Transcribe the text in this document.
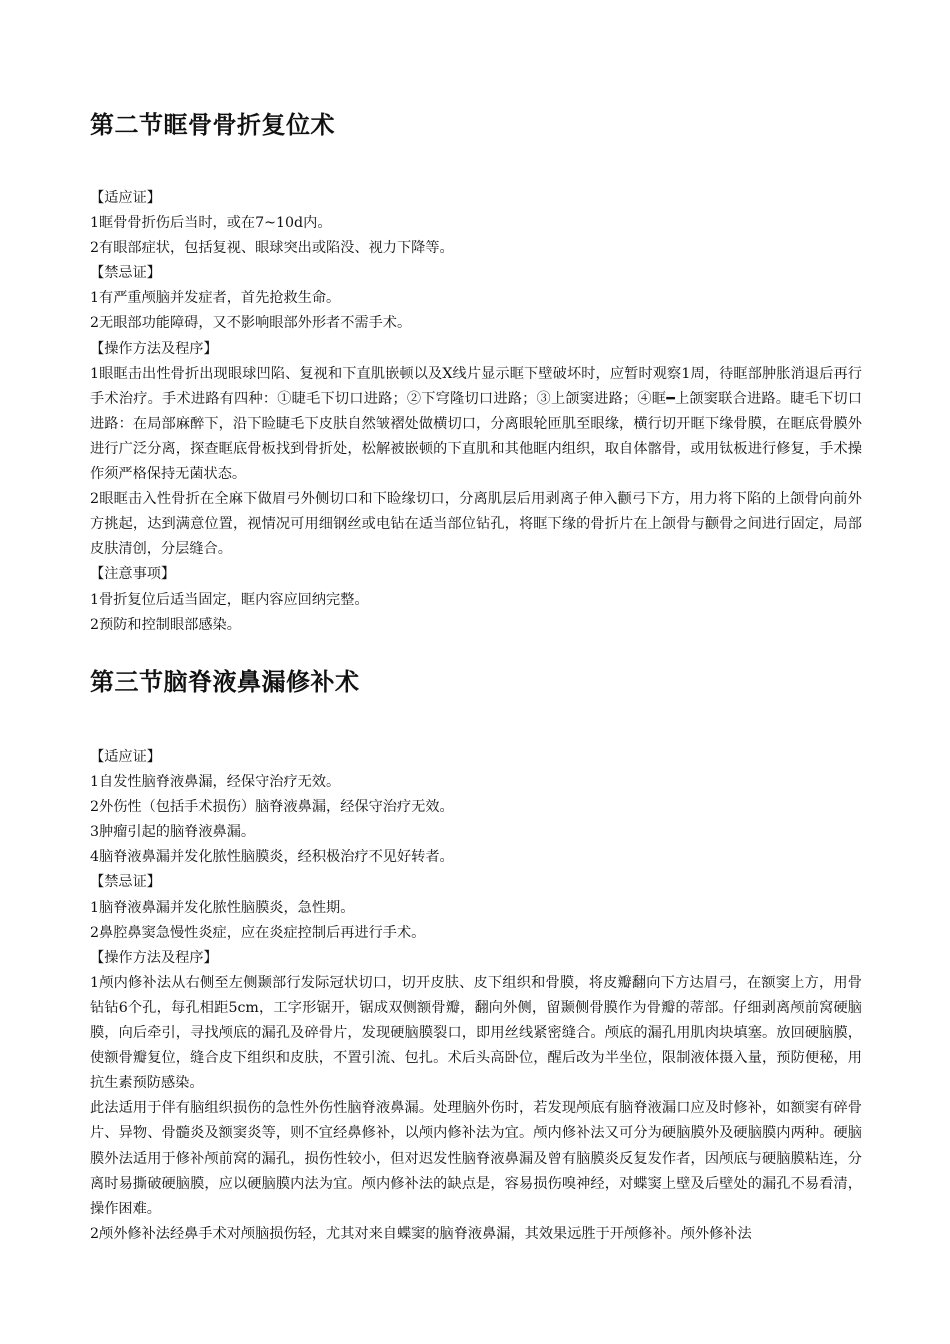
第二节眶骨骨折复位术

【适应证】

1眶骨骨折伤后当时，或在7~10d内。

2有眼部症状，包括复视、眼球突出或陷没、视力下降等。

【禁忌证】

1有严重颅脑并发症者，首先抢救生命。

2无眼部功能障碍，又不影响眼部外形者不需手术。

【操作方法及程序】

1眼眶击出性骨折出现眼球凹陷、复视和下直肌嵌顿以及X线片显示眶下壁破坏时，应暂时观察1周，待眶部肿胀消退后再行手术治疗。手术进路有四种：①睫毛下切口进路；②下穹隆切口进路；③上颌窦进路；④眶━上颌窦联合进路。睫毛下切口进路：在局部麻醉下，沿下睑睫毛下皮肤自然皱褶处做横切口，分离眼轮匝肌至眼缘，横行切开眶下缘骨膜，在眶底骨膜外进行广泛分离，探查眶底骨板找到骨折处，松解被嵌顿的下直肌和其他眶内组织，取自体髂骨，或用钛板进行修复，手术操作须严格保持无菌状态。

2眼眶击入性骨折在全麻下做眉弓外侧切口和下睑缘切口，分离肌层后用剥离子伸入颧弓下方，用力将下陷的上颌骨向前外方挑起，达到满意位置，视情况可用细钢丝或电钻在适当部位钻孔，将眶下缘的骨折片在上颌骨与颧骨之间进行固定，局部皮肤清创，分层缝合。

【注意事项】

1骨折复位后适当固定，眶内容应回纳完整。

2预防和控制眼部感染。

第三节脑脊液鼻漏修补术

【适应证】

1自发性脑脊液鼻漏，经保守治疗无效。

2外伤性（包括手术损伤）脑脊液鼻漏，经保守治疗无效。

3肿瘤引起的脑脊液鼻漏。

4脑脊液鼻漏并发化脓性脑膜炎，经积极治疗不见好转者。

【禁忌证】

1脑脊液鼻漏并发化脓性脑膜炎，急性期。

2鼻腔鼻窦急慢性炎症，应在炎症控制后再进行手术。

【操作方法及程序】

1颅内修补法从右侧至左侧颞部行发际冠状切口，切开皮肤、皮下组织和骨膜，将皮瓣翻向下方达眉弓，在额窦上方，用骨钻钻6个孔，每孔相距5cm，工字形锯开，锯成双侧额骨瓣，翻向外侧，留颞侧骨膜作为骨瓣的蒂部。仔细剥离颅前窝硬脑膜，向后牵引，寻找颅底的漏孔及碎骨片，发现硬脑膜裂口，即用丝线紧密缝合。颅底的漏孔用肌肉块填塞。放回硬脑膜，使额骨瓣复位，缝合皮下组织和皮肤，不置引流、包扎。术后头高卧位，醒后改为半坐位，限制液体摄入量，预防便秘，用抗生素预防感染。

此法适用于伴有脑组织损伤的急性外伤性脑脊液鼻漏。处理脑外伤时，若发现颅底有脑脊液漏口应及时修补，如额窦有碎骨片、异物、骨髓炎及额窦炎等，则不宜经鼻修补，以颅内修补法为宜。颅内修补法又可分为硬脑膜外及硬脑膜内两种。硬脑膜外法适用于修补颅前窝的漏孔，损伤性较小，但对迟发性脑脊液鼻漏及曾有脑膜炎反复发作者，因颅底与硬脑膜粘连，分离时易撕破硬脑膜，应以硬脑膜内法为宜。颅内修补法的缺点是，容易损伤嗅神经，对蝶窦上壁及后壁处的漏孔不易看清，操作困难。

2颅外修补法经鼻手术对颅脑损伤轻，尤其对来自蝶窦的脑脊液鼻漏，其效果远胜于开颅修补。颅外修补法
